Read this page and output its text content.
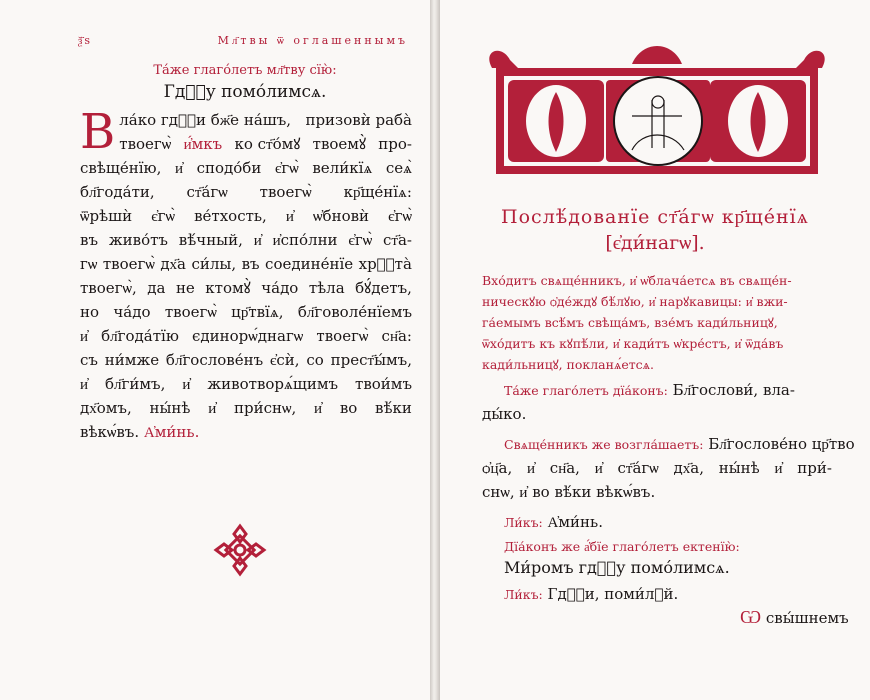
ѯ҃s	Мл҃твы ѿ оглашеннымъ
Та́же глаго́летъ мл҃тву сїю̀:
Гдⷭ҇у помо́лимсѧ.
В ла́ко гдⷭ҇и бж҃е на́шъ, призовѝ раба̀
твоегѡ̀ и҆́мкъ ко ст҃о́мꙋ твоемꙋ̀ про-
свѣще́нїю, и҆ сподо́би є҆гѡ̀ вели́кїѧ сеѧ̀
бл҃года́ти, ст҃а́гѡ твоегѡ̀ кр҃ще́нїѧ:
ѿрѣшѝ є҆гѡ̀ ве́тхость, и҆ ѡ҆бновѝ є҆гѡ̀
въ живо́тъ вѣ́чный, и҆ и҆спо́лни є҆гѡ̀ ст҃а-
гѡ твоегѡ̀ дх҃а си́лы, въ соедине́нїе хрⷭ҇та̀
твоегѡ̀, да не ктомꙋ̀ ча́до тѣла бꙋ́детъ,
но ча́до твоегѡ̀ цр҃твїѧ, бл҃говоле́нїемъ
и҆ бл҃года́тїю єдинорѡ́днагѡ твоегѡ̀ сн҃а:
съ ни́мже бл҃гослове́нъ є҆сѝ, со прест҃ы́мъ,
и҆ бл҃ги́мъ, и҆ животворѧ́щимъ твои́мъ
дх҃омъ, ны́нѣ и҆ при́снѡ, и҆ во вѣ́ки
вѣкѡ́въ. А҆ми́нь.
Послѣ́дованїе ст҃а́гѡ кр҃ще́нїѧ
[є҆ди́нагѡ].
Вхо́дитъ свѧще́нникъ, и҆ ѡ҆блача́етсѧ въ свѧще́н-
ническꙋю ѻ҆де́ждꙋ бѣ́лꙋю, и҆ нарꙋкавицы: и҆ вжи-
га́емымъ всѣ́мъ свѣща́мъ, взе́мъ кади́льницꙋ,
ѿхо́дитъ къ кꙋпѣ́ли, и҆ кади́тъ ѡ҆кре́стъ, и҆ ѿда́въ
кади́льницꙋ, покланѧ́етсѧ.
Та́же глаго́летъ дїа́конъ: Бл҃гослови́, вла-
ды́ко.
Свѧще́нникъ же возгла́шаетъ: Бл҃гослове́но цр҃тво
ѻ҆ц҃а, и҆ сн҃а, и҆ ст҃а́гѡ дх҃а, ны́нѣ и҆ при́-
снѡ, и҆ во вѣ́ки вѣкѡ́въ.
Ли́къ: А҆ми́нь.
Дїа́конъ же а҆́бїе глаго́летъ ектенїю̀:
Ми́ромъ гдⷭ҇у помо́лимсѧ.
Ли́къ: Гдⷭ҇и, поми́лꙋй.
Ѡ свы́шнемъ
